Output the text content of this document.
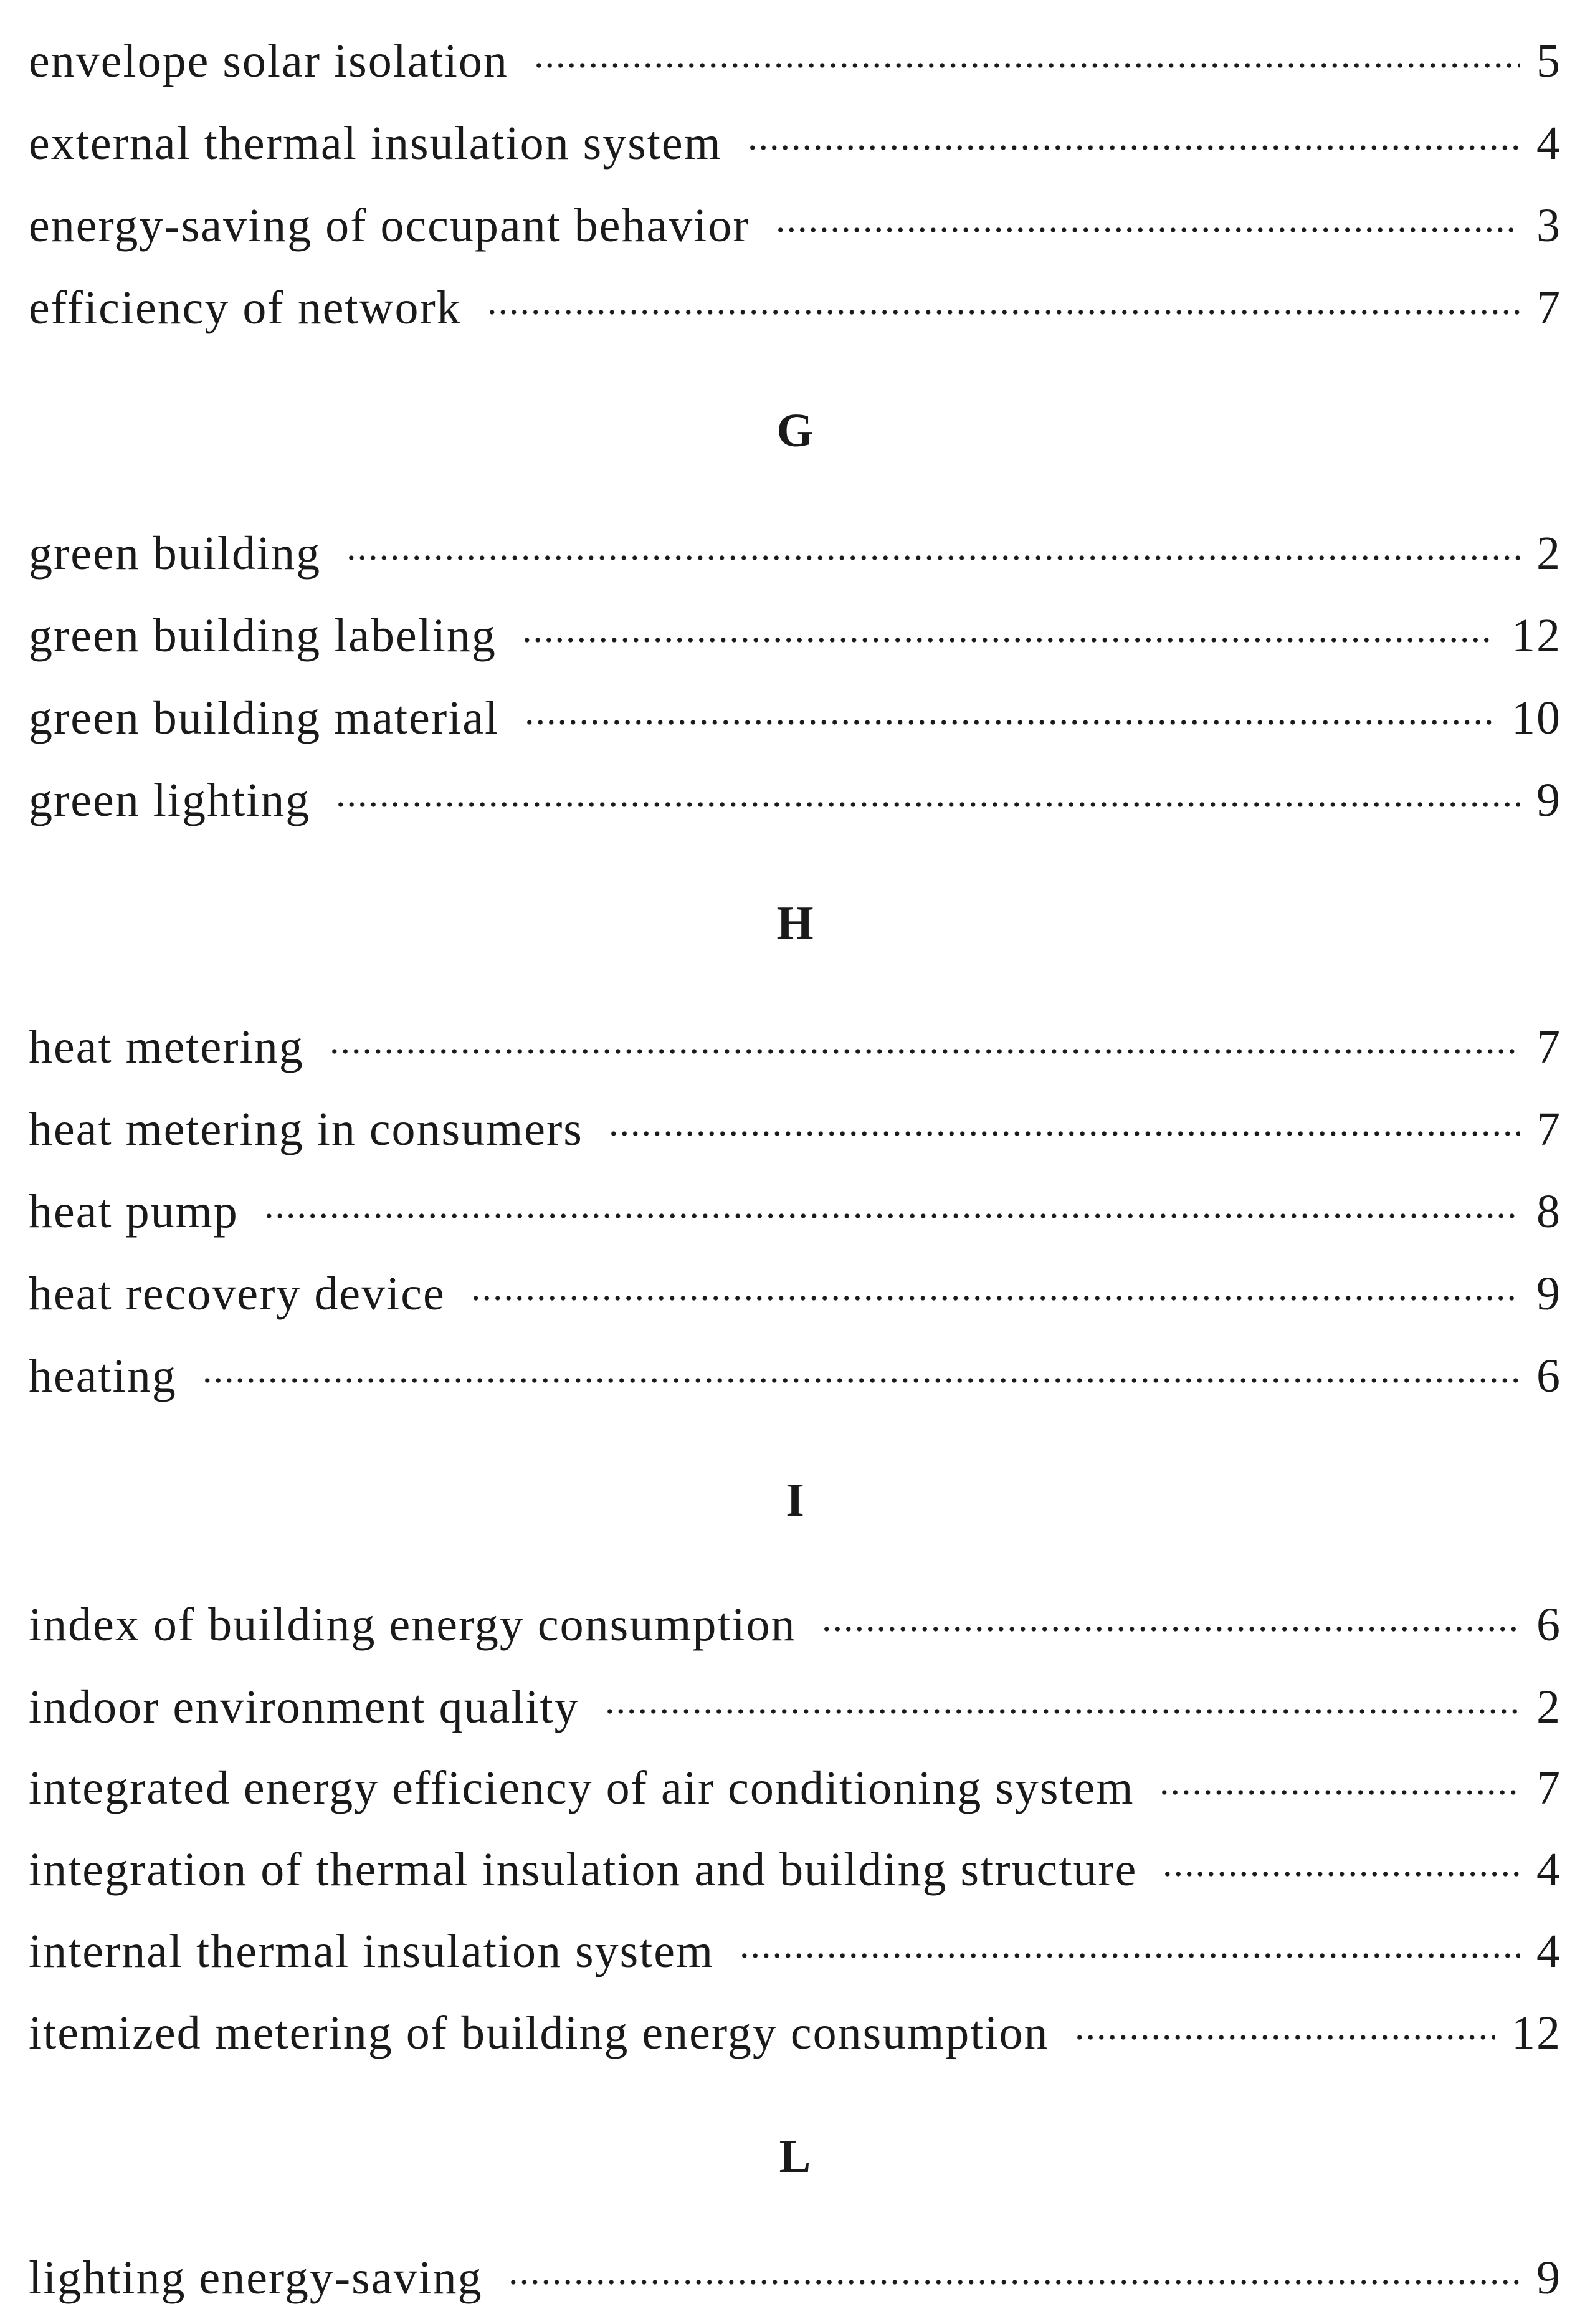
envelope solar isolation	5
external thermal insulation system	4
energy-saving of occupant behavior	3
efficiency of network	7
G
green building	2
green building labeling	12
green building material	10
green lighting	9
H
heat metering	7
heat metering in consumers	7
heat pump	8
heat recovery device	9
heating	6
I
index of building energy consumption	6
indoor environment quality	2
integrated energy efficiency of air conditioning system	7
integration of thermal insulation and building structure	4
internal thermal insulation system	4
itemized metering of building energy consumption	12
L
lighting energy-saving	9
